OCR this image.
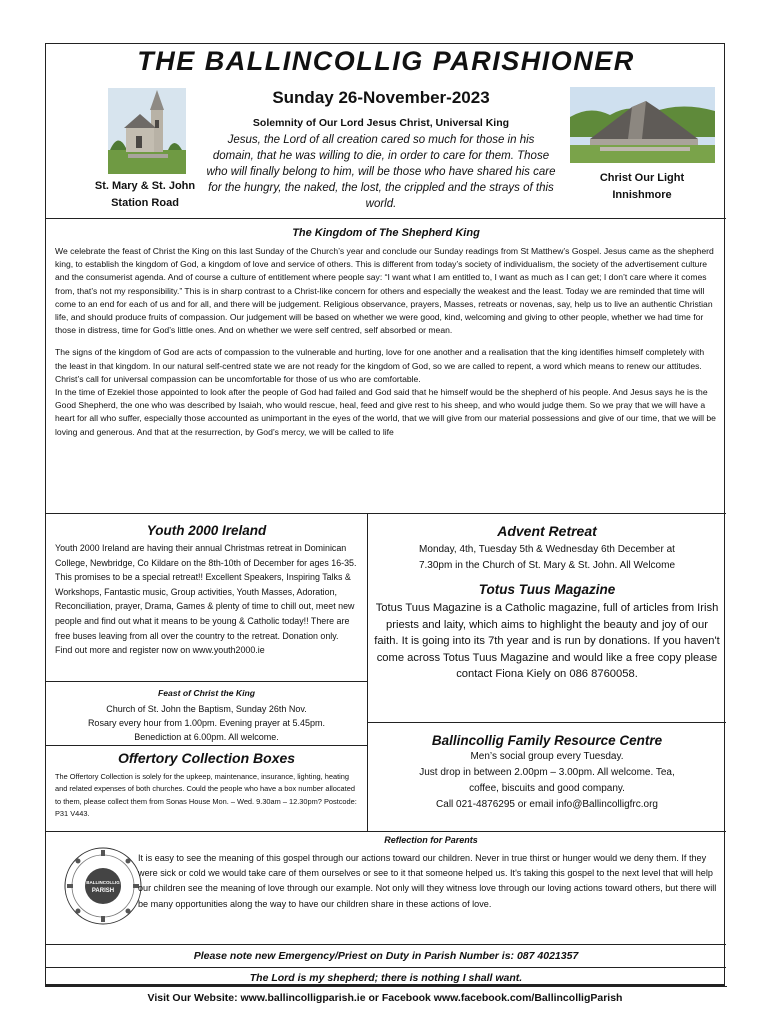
THE BALLINCOLLIG PARISHIONER
St. Mary & St. John
Station Road
Sunday 26-November-2023
Solemnity of Our Lord Jesus Christ, Universal King
Jesus, the Lord of all creation cared so much for those in his domain, that he was willing to die, in order to care for them. Those who will finally belong to him, will be those who have shared his care for the hungry, the naked, the lost, the crippled and the strays of this world.
Christ Our Light
Innishmore
The Kingdom of The Shepherd King

We celebrate the feast of Christ the King on this last Sunday of the Church’s year and conclude our Sunday readings from St Matthew’s Gospel. Jesus came as the shepherd king, to establish the kingdom of God, a kingdom of love and service of others. This is different from today’s society of individualism, the society of the advertisement culture and the consumerist agenda. And of course a culture of entitlement where people say: “I want what I am entitled to, I want as much as I can get; I don’t care where it comes from, that’s not my responsibility.” This is in sharp contrast to a Christ-like concern for others and especially the weakest and the least. Today we are reminded that time will come to an end for each of us and for all, and there will be judgement. Religious observance, prayers, Masses, retreats or novenas, say, help us to live an authentic Christian life, and should produce fruits of compassion. Our judgement will be based on whether we were good, kind, welcoming and giving to other people, whether we had time for those in distress, time for God’s little ones. And on whether we were self centred, self absorbed or mean.

The signs of the kingdom of God are acts of compassion to the vulnerable and hurting, love for one another and a realisation that the king identifies himself completely with the least in that kingdom. In our natural self-centred state we are not ready for the kingdom of God, so we are called to repent, a word which means to renew our attitudes. Christ’s call for universal compassion can be uncomfortable for those of us who are comfortable.

In the time of Ezekiel those appointed to look after the people of God had failed and God said that he himself would be the shepherd of his people. And Jesus says he is the Good Shepherd, the one who was described by Isaiah, who would rescue, heal, feed and give rest to his sheep, and who would judge them. So we pray that we will have a heart for all who suffer, especially those accounted as unimportant in the eyes of the world, that we will give from our material possessions and give of our time, that we will be loving and generous. And that at the resurrection, by God’s mercy, we will be called to life

Youth 2000 Ireland
Youth 2000 Ireland are having their annual Christmas retreat in Dominican College, Newbridge, Co Kildare on the 8th-10th of December for ages 16-35. This promises to be a special retreat!! Excellent Speakers, Inspiring Talks & Workshops, Fantastic music, Group activities, Youth Masses, Adoration, Reconciliation, prayer, Drama, Games & plenty of time to chill out, meet new people and find out what it means to be young & Catholic today!! There are free buses leaving from all over the country to the retreat. Donation only. Find out more and register now on www.youth2000.ie
Feast of Christ the King
Church of St. John the Baptism, Sunday 26th Nov.
Rosary every hour from 1.00pm. Evening prayer at 5.45pm.
Benediction at 6.00pm. All welcome.
Offertory Collection Boxes
The Offertory Collection is solely for the upkeep, maintenance, insurance, lighting, heating and related expenses of both churches. Could the people who have a box number allocated to them, please collect them from Sonas House Mon. – Wed. 9.30am – 12.30pm? Postcode: P31 V443.
Advent Retreat
Monday, 4th, Tuesday 5th & Wednesday 6th December at
7.30pm in the Church of St. Mary & St. John. All Welcome
Totus Tuus Magazine
Totus Tuus Magazine is a Catholic magazine, full of articles from Irish priests and laity, which aims to highlight the beauty and joy of our faith. It is going into its 7th year and is run by donations. If you haven't come across Totus Tuus Magazine and would like a free copy please contact Fiona Kiely on 086 8760058.
Ballincollig Family Resource Centre
Men’s social group every Tuesday.
Just drop in between 2.00pm – 3.00pm. All welcome. Tea,
coffee, biscuits and good company.
Call 021-4876295 or email info@Ballincolligfrc.org
BALLINCOLLIG
PARISH
Reflection for Parents
It is easy to see the meaning of this gospel through our actions toward our children. Never in true thirst or hunger would we deny them. If they were sick or cold we would take care of them ourselves or see to it that someone helped us. It's taking this gospel to the next level that will help our children see the meaning of love through our example. Not only will they witness love through our loving actions toward others, but there will be many opportunities along the way to have our children share in these actions of love.
Please note new Emergency/Priest on Duty in Parish Number is: 087 4021357
The Lord is my shepherd; there is nothing I shall want.
Visit Our Website: www.ballincolligparish.ie or Facebook www.facebook.com/BallincolligParish
